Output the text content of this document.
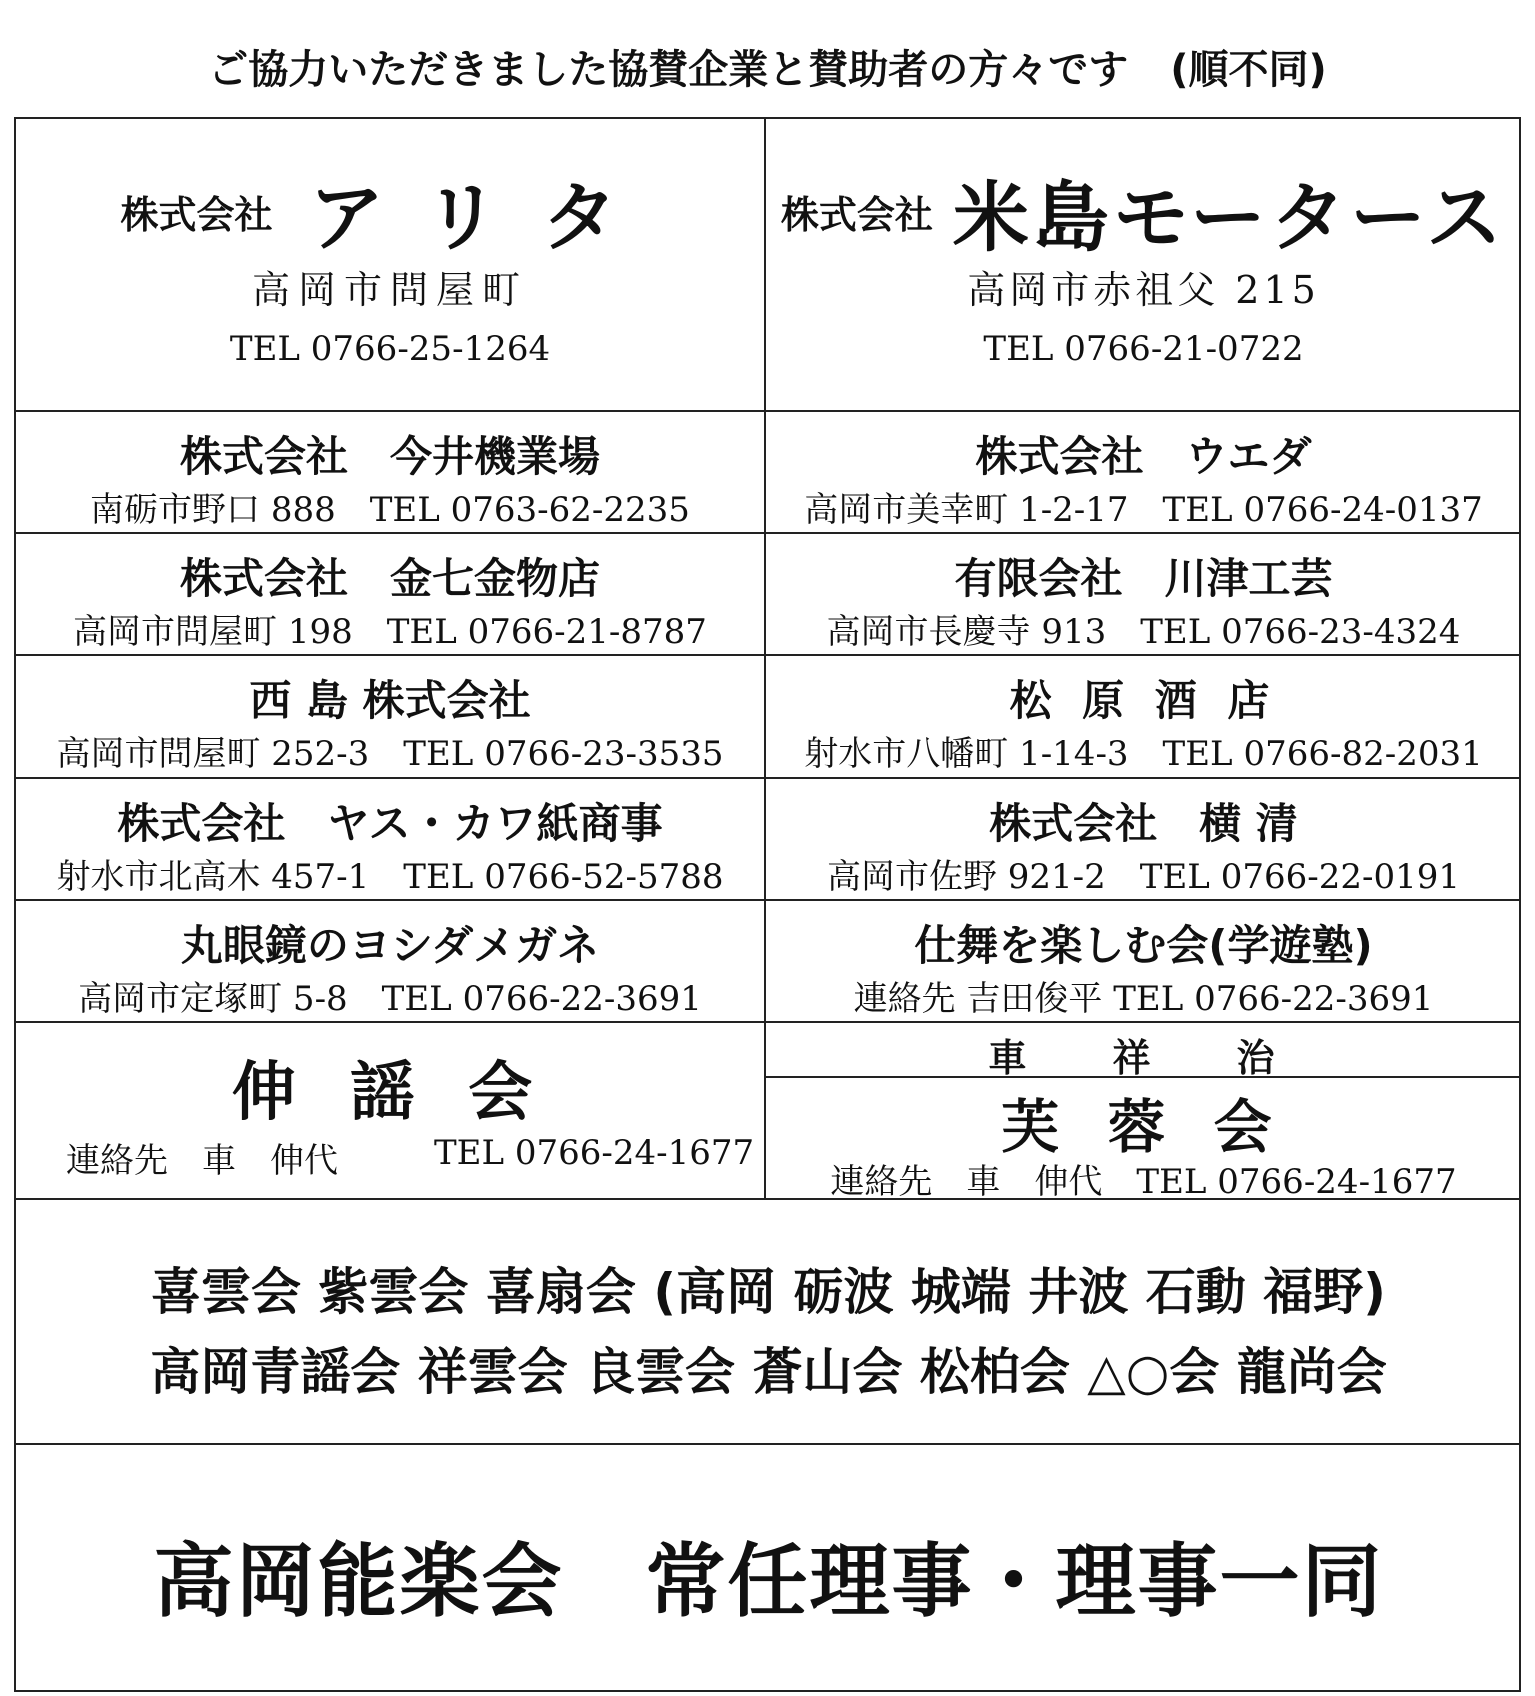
ご協力いただきました協賛企業と賛助者の方々です (順不同)
株式会社 アリタ
高岡市問屋町
TEL 0766-25-1264
株式会社 米島モータース
高岡市赤祖父 215
TEL 0766-21-0722
株式会社　今井機業場
南砺市野口 888　TEL 0763-62-2235
株式会社　ウエダ
高岡市美幸町 1-2-17　TEL 0766-24-0137
株式会社　金七金物店
高岡市問屋町 198　TEL 0766-21-8787
有限会社　川津工芸
高岡市長慶寺 913　TEL 0766-23-4324
西 島 株式会社
高岡市問屋町 252-3　TEL 0766-23-3535
松 原 酒 店
射水市八幡町 1-14-3　TEL 0766-82-2031
株式会社　ヤス・カワ紙商事
射水市北高木 457-1　TEL 0766-52-5788
株式会社　横 清
高岡市佐野 921-2　TEL 0766-22-0191
丸眼鏡のヨシダメガネ
高岡市定塚町 5-8　TEL 0766-22-3691
仕舞を楽しむ会(学遊塾)
連絡先 吉田俊平 TEL 0766-22-3691
伸 謡 会
連絡先　車　伸代	TEL 0766-24-1677
車　祥　治
芙 蓉 会
連絡先　車　伸代　TEL 0766-24-1677
喜雲会 紫雲会 喜扇会 (高岡 砺波 城端 井波 石動 福野)
高岡青謡会 祥雲会 良雲会 蒼山会 松柏会 △○会 龍尚会
高岡能楽会　常任理事・理事一同
